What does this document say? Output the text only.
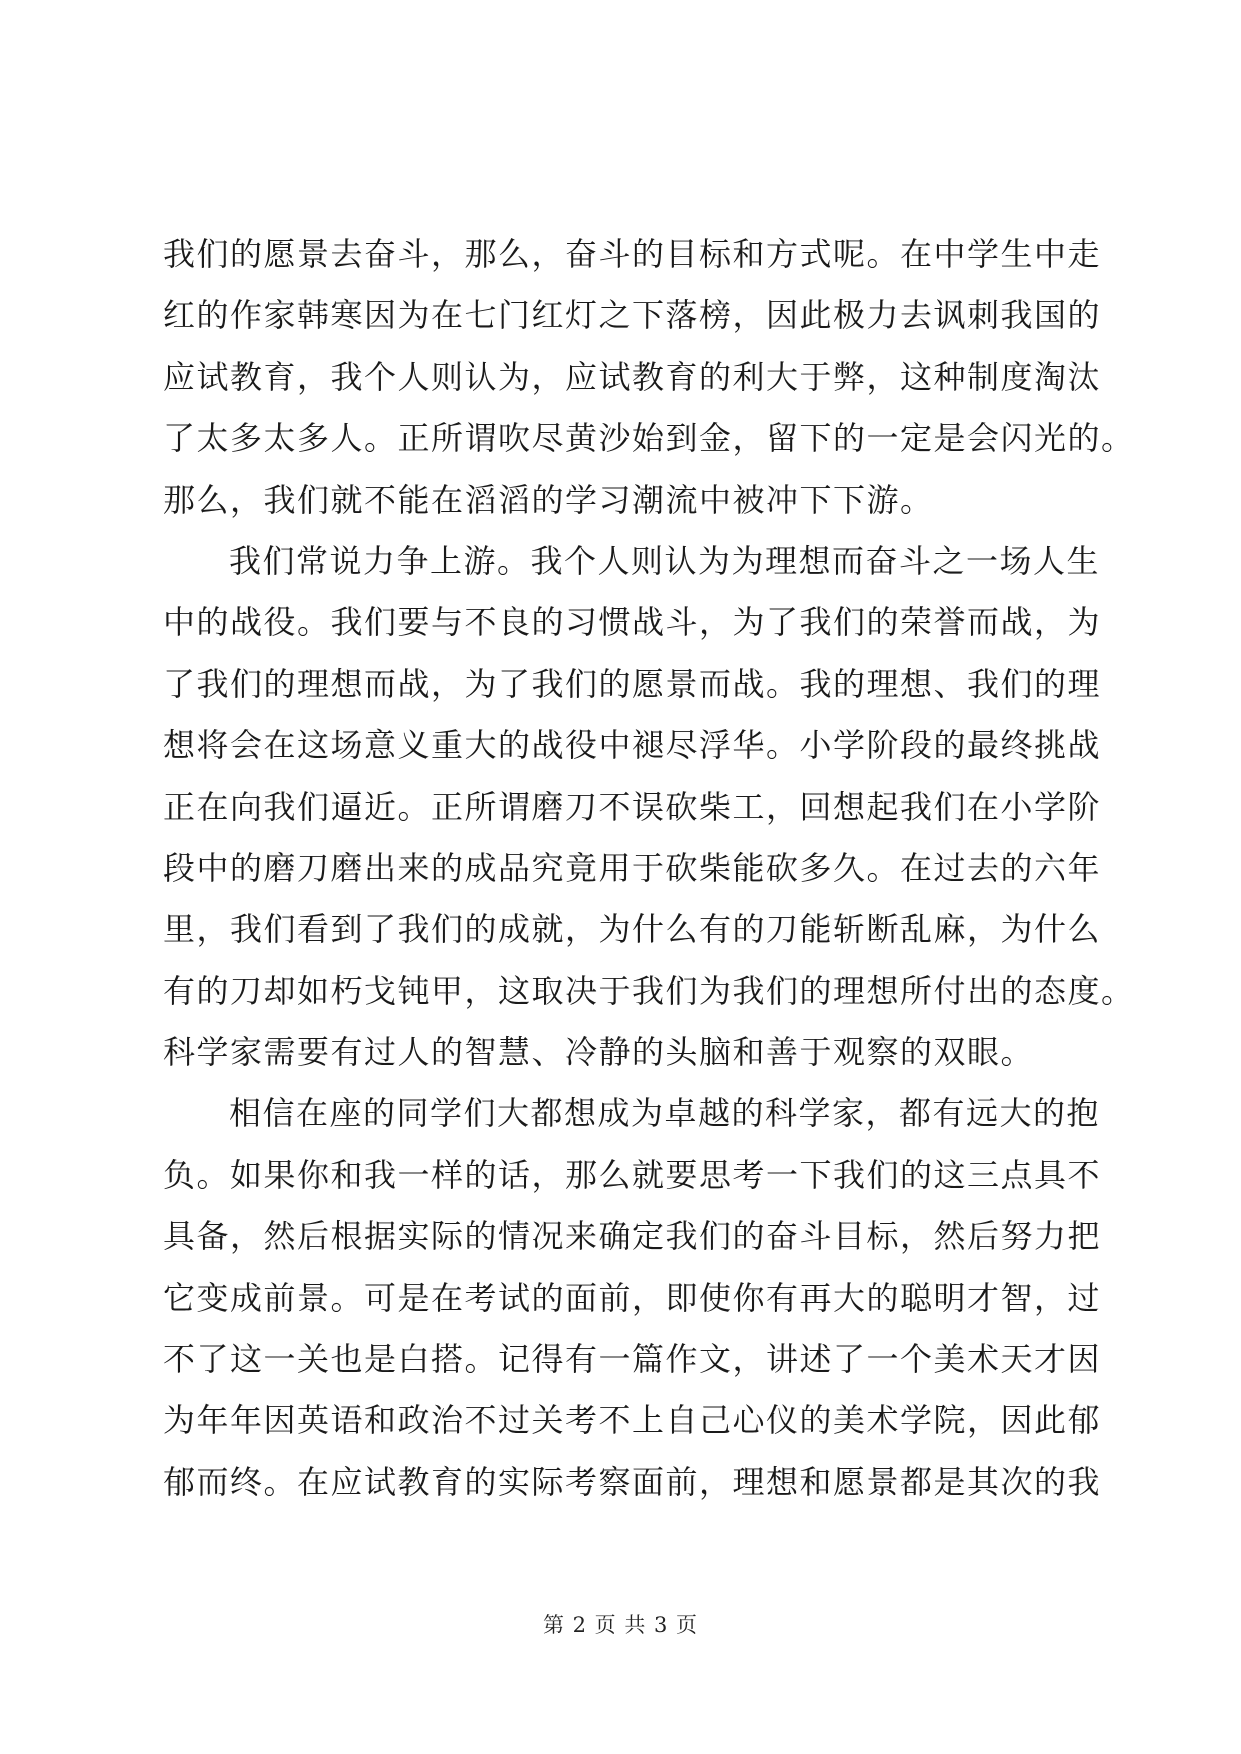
我们的愿景去奋斗，那么，奋斗的目标和方式呢。在中学生中走
红的作家韩寒因为在七门红灯之下落榜，因此极力去讽刺我国的
应试教育，我个人则认为，应试教育的利大于弊，这种制度淘汰
了太多太多人。正所谓吹尽黄沙始到金，留下的一定是会闪光的。
那么，我们就不能在滔滔的学习潮流中被冲下下游。
我们常说力争上游。我个人则认为为理想而奋斗之一场人生
中的战役。我们要与不良的习惯战斗，为了我们的荣誉而战，为
了我们的理想而战，为了我们的愿景而战。我的理想、我们的理
想将会在这场意义重大的战役中褪尽浮华。小学阶段的最终挑战
正在向我们逼近。正所谓磨刀不误砍柴工，回想起我们在小学阶
段中的磨刀磨出来的成品究竟用于砍柴能砍多久。在过去的六年
里，我们看到了我们的成就，为什么有的刀能斩断乱麻，为什么
有的刀却如朽戈钝甲，这取决于我们为我们的理想所付出的态度。
科学家需要有过人的智慧、冷静的头脑和善于观察的双眼。
相信在座的同学们大都想成为卓越的科学家，都有远大的抱
负。如果你和我一样的话，那么就要思考一下我们的这三点具不
具备，然后根据实际的情况来确定我们的奋斗目标，然后努力把
它变成前景。可是在考试的面前，即使你有再大的聪明才智，过
不了这一关也是白搭。记得有一篇作文，讲述了一个美术天才因
为年年因英语和政治不过关考不上自己心仪的美术学院，因此郁
郁而终。在应试教育的实际考察面前，理想和愿景都是其次的我
第 2 页 共 3 页
